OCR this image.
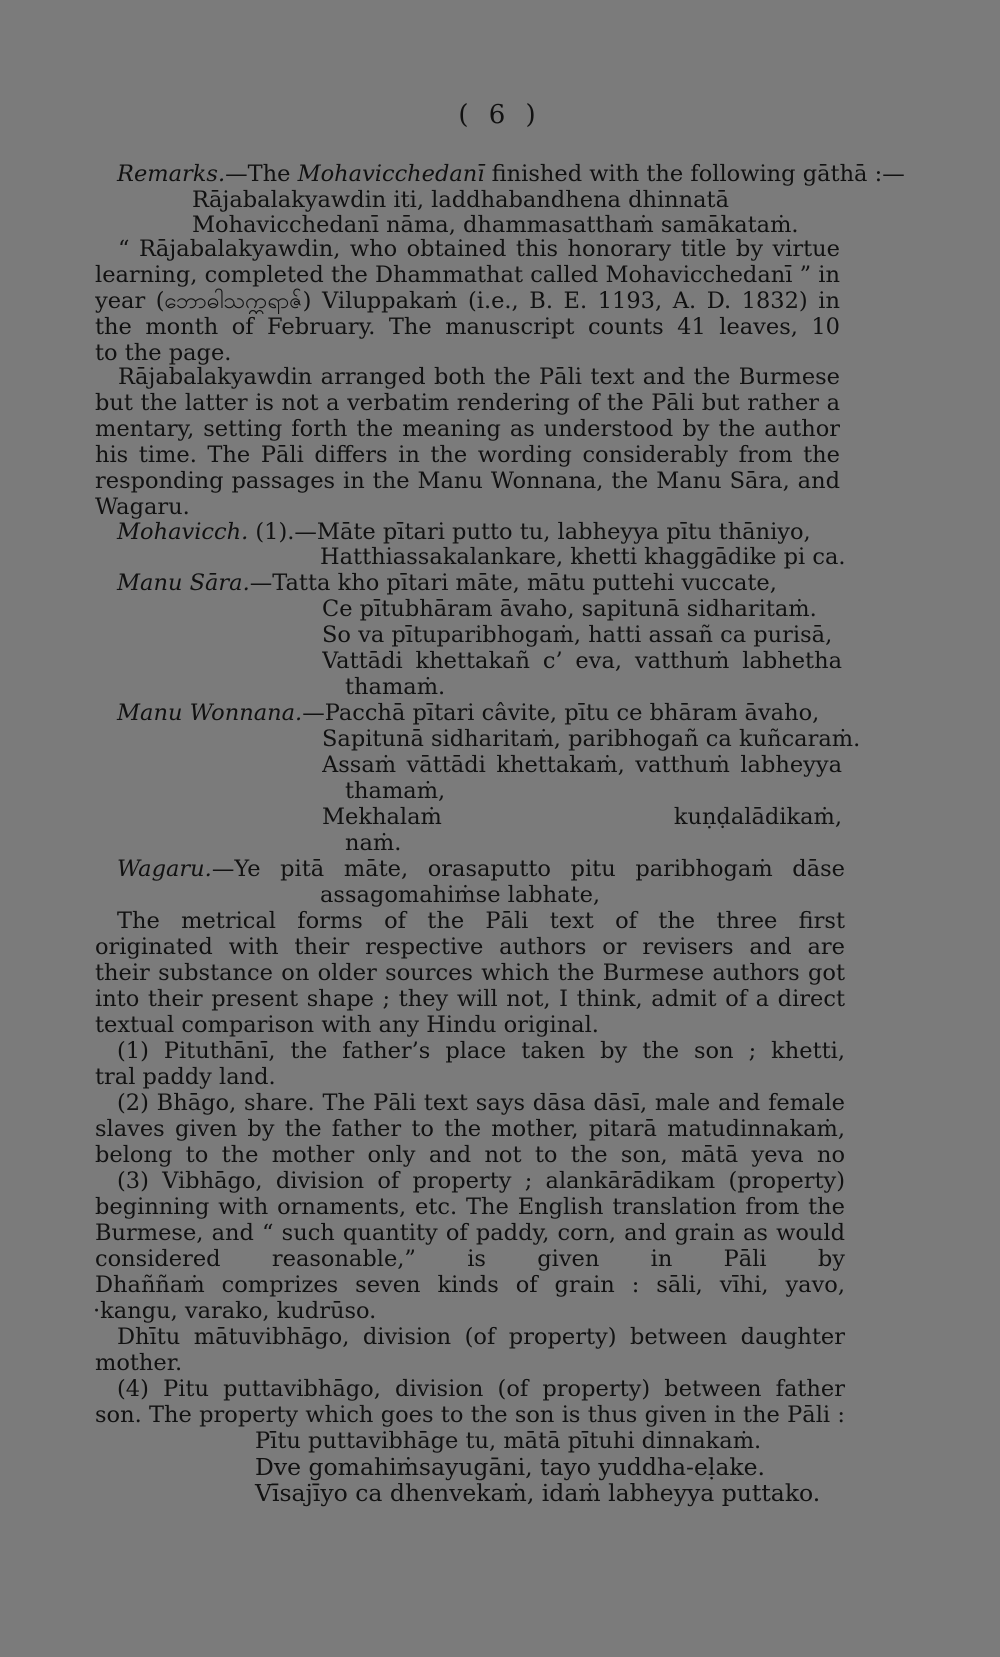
( 6 )
Remarks.—The Mohavicchedanī finished with the following gāthā :—
Rājabalakyawdin iti, laddhabandhena dhinnatā
Mohavicchedanī nāma, dhammasatthaṁ samākataṁ.
“ Rājabalakyawdin, who obtained this honorary title by virtue
learning, completed the Dhammathat called Mohavicchedanī ” in
year (ဘောဓါသက္ကရာဇ်) Viluppakaṁ (i.e., B. E. 1193, A. D. 1832) in
the month of February. The manuscript counts 41 leaves, 10
to the page.
Rājabalakyawdin arranged both the Pāli text and the Burmese
but the latter is not a verbatim rendering of the Pāli but rather a
mentary, setting forth the meaning as understood by the author
his time. The Pāli differs in the wording considerably from the
responding passages in the Manu Wonnana, the Manu Sāra, and
Wagaru.
Mohavicch. (1).—Māte pītari putto tu, labheyya pītu thāniyo,
Hatthiassakalankare, khetti khaggādike pi ca.
Manu Sāra.—Tatta kho pītari māte, mātu puttehi vuccate,
Ce pītubhāram āvaho, sapitunā sidharitaṁ.
So va pītuparibhogaṁ, hatti assañ ca purisā,
Vattādi khettakañ c’ eva, vatthuṁ labhetha
thamaṁ.
Manu Wonnana.—Pacchā pītari câvite, pītu ce bhāram āvaho,
Sapitunā sidharitaṁ, paribhogañ ca kuñcaraṁ.
Assaṁ vāttādi khettakaṁ, vatthuṁ labheyya
thamaṁ,
Mekhalaṁ kuṇḍalādikaṁ,
naṁ.
Wagaru.—Ye pitā māte, orasaputto pitu paribhogaṁ dāse
assagomahiṁse labhate,
The metrical forms of the Pāli text of the three first
originated with their respective authors or revisers and are
their substance on older sources which the Burmese authors got
into their present shape ; they will not, I think, admit of a direct
textual comparison with any Hindu original.
(1) Pituthānī, the father’s place taken by the son ; khetti,
tral paddy land.
(2) Bhāgo, share. The Pāli text says dāsa dāsī, male and female
slaves given by the father to the mother, pitarā matudinnakaṁ,
belong to the mother only and not to the son, mātā yeva no
(3) Vibhāgo, division of property ; alankārādikam (property)
beginning with ornaments, etc. The English translation from the
Burmese, and “ such quantity of paddy, corn, and grain as would
considered reasonable,” is given in Pāli by
Dhaññaṁ comprizes seven kinds of grain : sāli, vīhi, yavo,
·kangu, varako, kudrūso.
Dhītu mātuvibhāgo, division (of property) between daughter
mother.
(4) Pitu puttavibhāgo, division (of property) between father
son. The property which goes to the son is thus given in the Pāli :
Pītu puttavibhāge tu, mātā pītuhi dinnakaṁ.
Dve gomahiṁsayugāni, tayo yuddha-eḷake.
Vīsajīyo ca dhenvekaṁ, idaṁ labheyya puttako.
